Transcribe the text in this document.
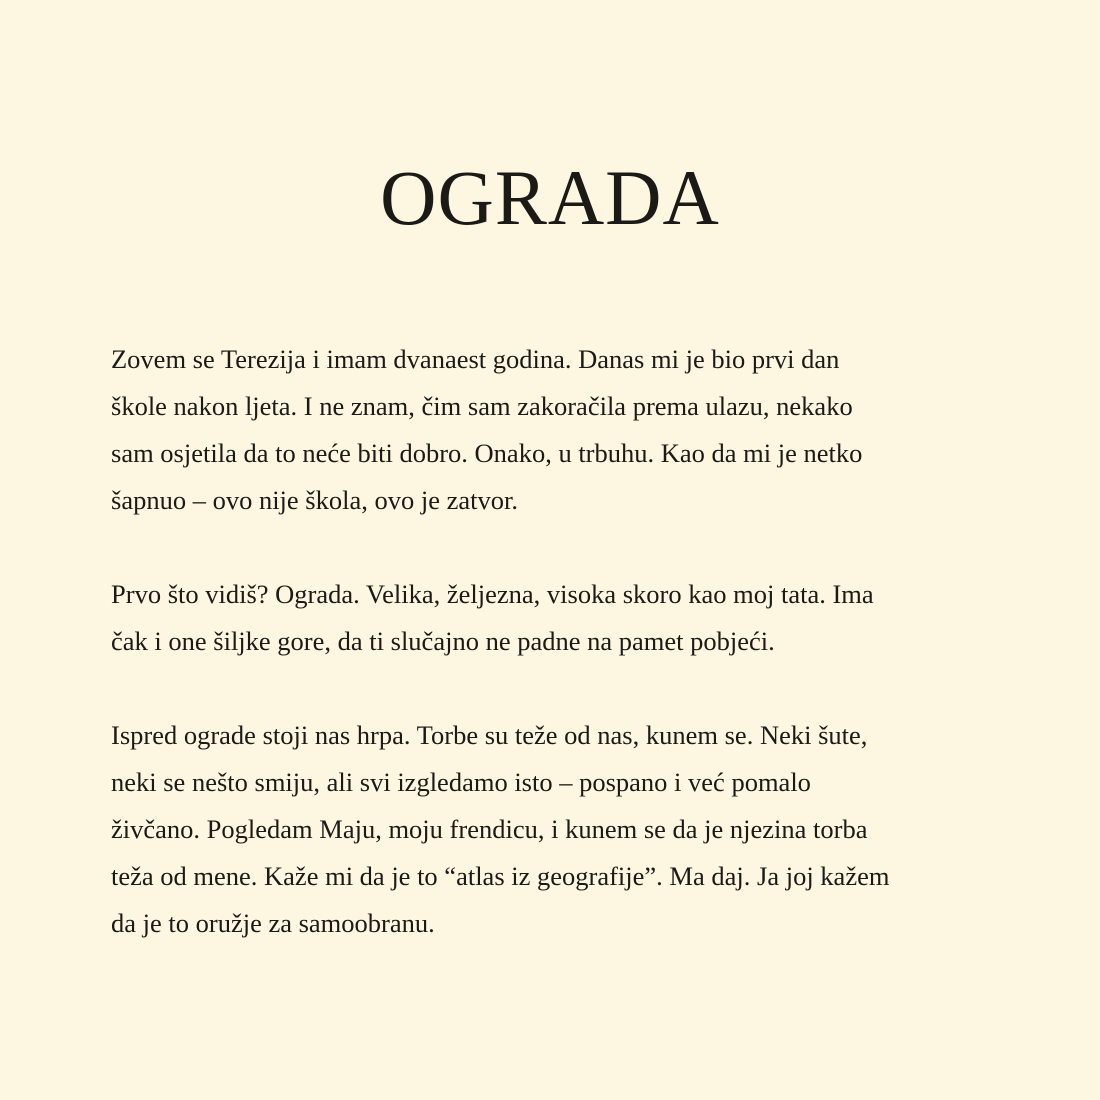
OGRADA

Zovem se Terezija i imam dvanaest godina. Danas mi je bio prvi dan
škole nakon ljeta. I ne znam, čim sam zakoračila prema ulazu, nekako
sam osjetila da to neće biti dobro. Onako, u trbuhu. Kao da mi je netko
šapnuo – ovo nije škola, ovo je zatvor.

Prvo što vidiš? Ograda. Velika, željezna, visoka skoro kao moj tata. Ima
čak i one šiljke gore, da ti slučajno ne padne na pamet pobjeći.

Ispred ograde stoji nas hrpa. Torbe su teže od nas, kunem se. Neki šute,
neki se nešto smiju, ali svi izgledamo isto – pospano i već pomalo
živčano. Pogledam Maju, moju frendicu, i kunem se da je njezina torba
teža od mene. Kaže mi da je to “atlas iz geografije”. Ma daj. Ja joj kažem
da je to oružje za samoobranu.
